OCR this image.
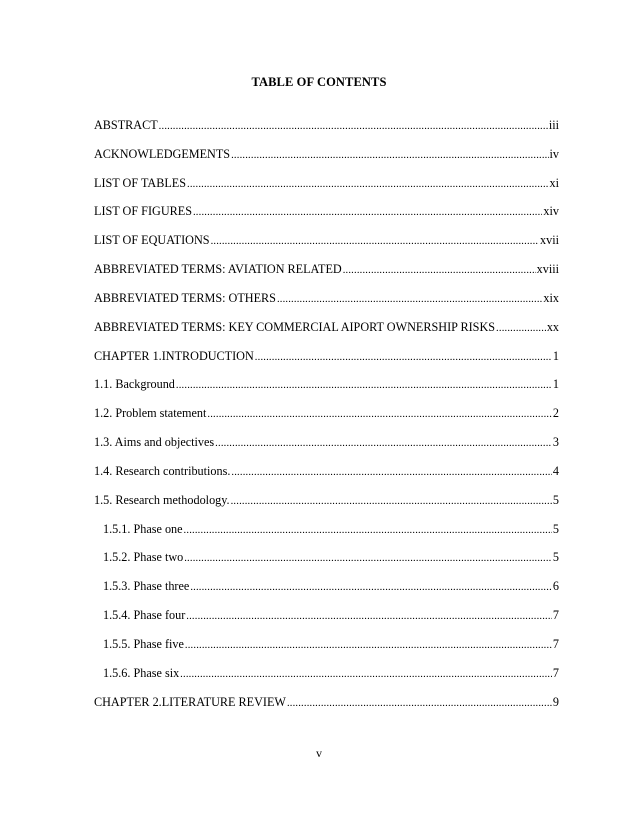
TABLE OF CONTENTS
ABSTRACT .....	iii
ACKNOWLEDGEMENTS .....	iv
LIST OF TABLES .....	xi
LIST OF FIGURES .....	xiv
LIST OF EQUATIONS .....	xvii
ABBREVIATED TERMS: AVIATION RELATED .....	xviii
ABBREVIATED TERMS: OTHERS .....	xix
ABBREVIATED TERMS: KEY COMMERCIAL AIPORT OWNERSHIP RISKS .....	xx
CHAPTER 1.INTRODUCTION .....	1
1.1. Background .....	1
1.2. Problem statement .....	2
1.3. Aims and objectives .....	3
1.4. Research contributions. .....	4
1.5. Research methodology. .....	5
1.5.1. Phase one .....	5
1.5.2. Phase two .....	5
1.5.3. Phase three .....	6
1.5.4. Phase four .....	7
1.5.5. Phase five .....	7
1.5.6. Phase six .....	7
CHAPTER 2.LITERATURE REVIEW .....	9
v
